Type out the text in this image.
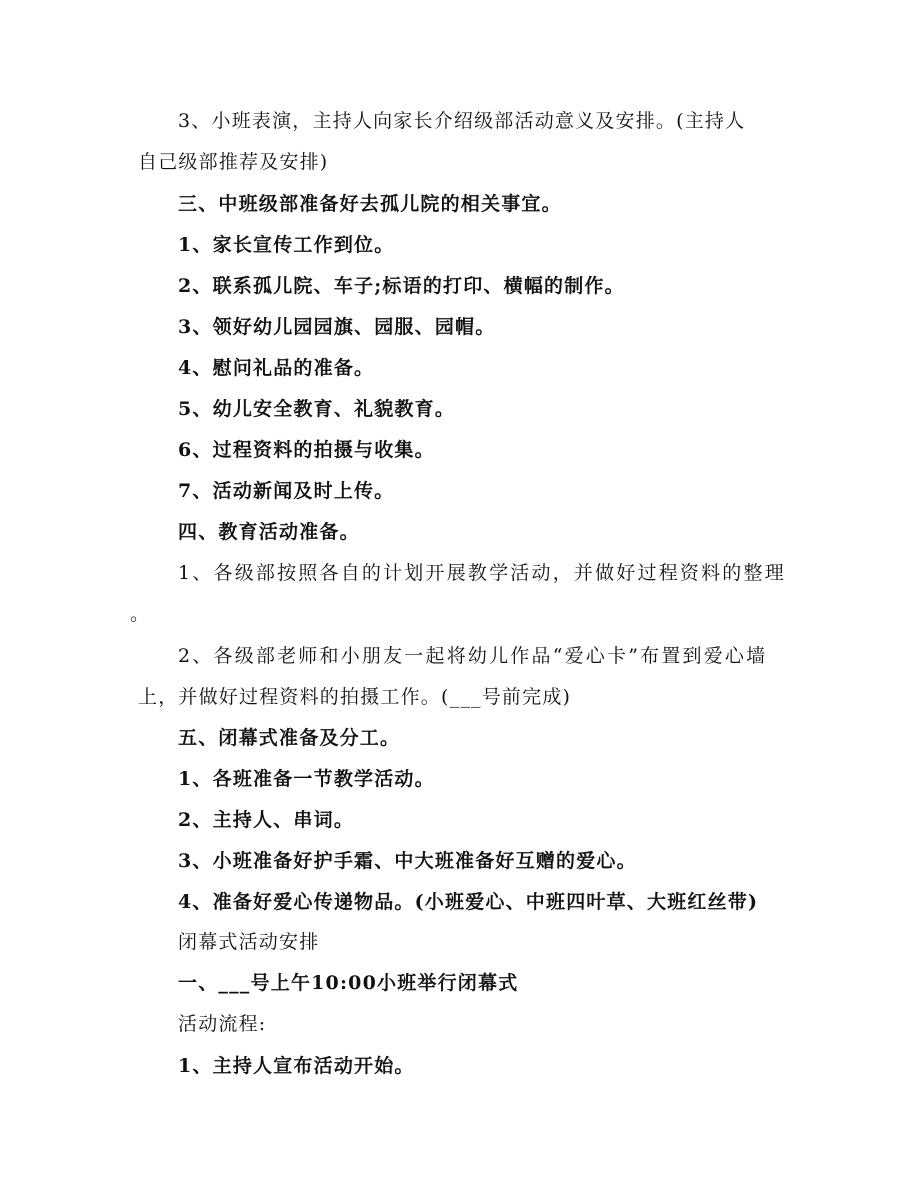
3、小班表演，主持人向家长介绍级部活动意义及安排。(主持人
自己级部推荐及安排)
三、中班级部准备好去孤儿院的相关事宜。
1、家长宣传工作到位。
2、联系孤儿院、车子;标语的打印、横幅的制作。
3、领好幼儿园园旗、园服、园帽。
4、慰问礼品的准备。
5、幼儿安全教育、礼貌教育。
6、过程资料的拍摄与收集。
7、活动新闻及时上传。
四、教育活动准备。
1、各级部按照各自的计划开展教学活动，并做好过程资料的整理
。
2、各级部老师和小朋友一起将幼儿作品“爱心卡”布置到爱心墙
上，并做好过程资料的拍摄工作。(___号前完成)
五、闭幕式准备及分工。
1、各班准备一节教学活动。
2、主持人、串词。
3、小班准备好护手霜、中大班准备好互赠的爱心。
4、准备好爱心传递物品。(小班爱心、中班四叶草、大班红丝带)
闭幕式活动安排
一、___号上午10:00小班举行闭幕式
活动流程:
1、主持人宣布活动开始。
